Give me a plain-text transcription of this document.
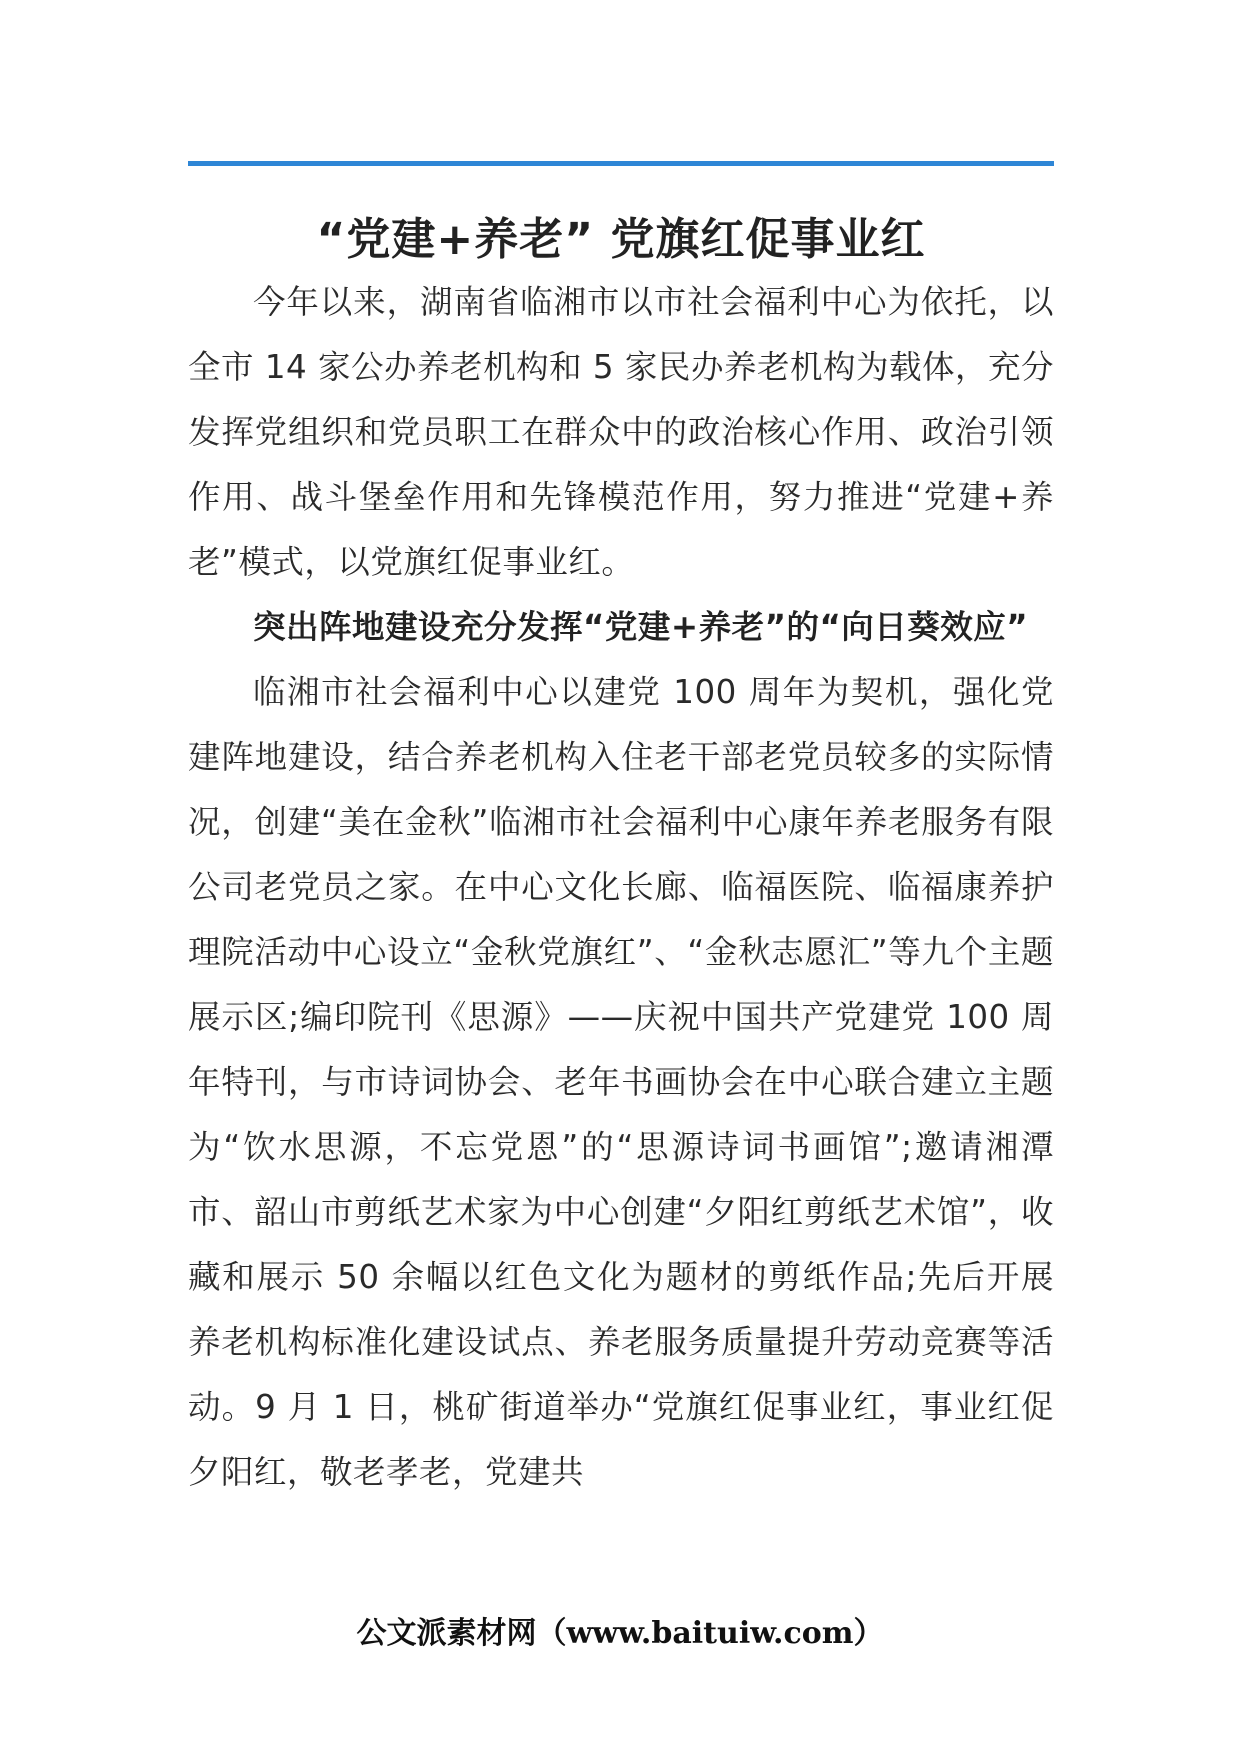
“党建+养老” 党旗红促事业红

今年以来，湖南省临湘市以市社会福利中心为依托，以全市 14 家公办养老机构和 5 家民办养老机构为载体，充分发挥党组织和党员职工在群众中的政治核心作用、政治引领作用、战斗堡垒作用和先锋模范作用，努力推进“党建+养老”模式，以党旗红促事业红。

突出阵地建设充分发挥“党建+养老”的“向日葵效应”

临湘市社会福利中心以建党 100 周年为契机，强化党建阵地建设，结合养老机构入住老干部老党员较多的实际情况，创建“美在金秋”临湘市社会福利中心康年养老服务有限公司老党员之家。在中心文化长廊、临福医院、临福康养护理院活动中心设立“金秋党旗红”、“金秋志愿汇”等九个主题展示区;编印院刊《思源》——庆祝中国共产党建党 100 周年特刊，与市诗词协会、老年书画协会在中心联合建立主题为“饮水思源，不忘党恩”的“思源诗词书画馆”;邀请湘潭市、韶山市剪纸艺术家为中心创建“夕阳红剪纸艺术馆”，收藏和展示 50 余幅以红色文化为题材的剪纸作品;先后开展养老机构标准化建设试点、养老服务质量提升劳动竞赛等活动。9 月 1 日，桃矿街道举办“党旗红促事业红，事业红促夕阳红，敬老孝老，党建共

公文派素材网（www.baituiw.com）
